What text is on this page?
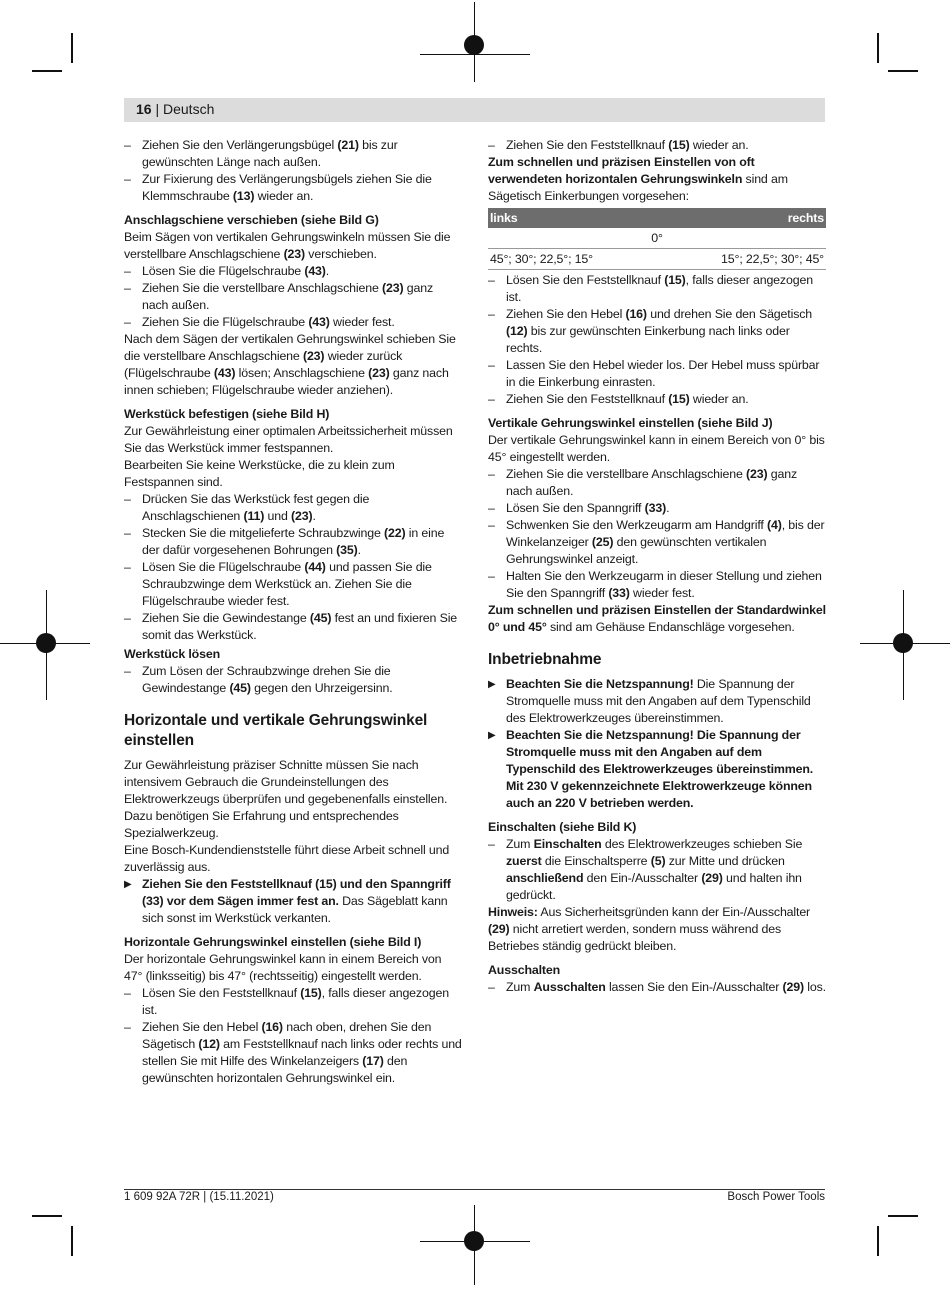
16 | Deutsch

– Ziehen Sie den Verlängerungsbügel (21) bis zur gewünschten Länge nach außen.

– Zur Fixierung des Verlängerungsbügels ziehen Sie die Klemmschraube (13) wieder an.

Anschlagschiene verschieben (siehe Bild G)

Beim Sägen von vertikalen Gehrungswinkeln müssen Sie die verstellbare Anschlagschiene (23) verschieben.

– Lösen Sie die Flügelschraube (43).

– Ziehen Sie die verstellbare Anschlagschiene (23) ganz nach außen.

– Ziehen Sie die Flügelschraube (43) wieder fest.

Nach dem Sägen der vertikalen Gehrungswinkel schieben Sie die verstellbare Anschlagschiene (23) wieder zurück (Flügelschraube (43) lösen; Anschlagschiene (23) ganz nach innen schieben; Flügelschraube wieder anziehen).

Werkstück befestigen (siehe Bild H)

Zur Gewährleistung einer optimalen Arbeitssicherheit müssen Sie das Werkstück immer festspannen.

Bearbeiten Sie keine Werkstücke, die zu klein zum Festspannen sind.

– Drücken Sie das Werkstück fest gegen die Anschlagschienen (11) und (23).

– Stecken Sie die mitgelieferte Schraubzwinge (22) in eine der dafür vorgesehenen Bohrungen (35).

– Lösen Sie die Flügelschraube (44) und passen Sie die Schraubzwinge dem Werkstück an. Ziehen Sie die Flügelschraube wieder fest.

– Ziehen Sie die Gewindestange (45) fest an und fixieren Sie somit das Werkstück.

Werkstück lösen

– Zum Lösen der Schraubzwinge drehen Sie die Gewindestange (45) gegen den Uhrzeigersinn.

Horizontale und vertikale Gehrungswinkel einstellen

Zur Gewährleistung präziser Schnitte müssen Sie nach intensivem Gebrauch die Grundeinstellungen des Elektrowerkzeugs überprüfen und gegebenenfalls einstellen.

Dazu benötigen Sie Erfahrung und entsprechendes Spezialwerkzeug.

Eine Bosch-Kundendienststelle führt diese Arbeit schnell und zuverlässig aus.

▶ Ziehen Sie den Feststellknauf (15) und den Spanngriff (33) vor dem Sägen immer fest an. Das Sägeblatt kann sich sonst im Werkstück verkanten.

Horizontale Gehrungswinkel einstellen (siehe Bild I)

Der horizontale Gehrungswinkel kann in einem Bereich von 47° (linksseitig) bis 47° (rechtsseitig) eingestellt werden.

– Lösen Sie den Feststellknauf (15), falls dieser angezogen ist.

– Ziehen Sie den Hebel (16) nach oben, drehen Sie den Sägetisch (12) am Feststellknauf nach links oder rechts und stellen Sie mit Hilfe des Winkelanzeigers (17) den gewünschten horizontalen Gehrungswinkel ein.

– Ziehen Sie den Feststellknauf (15) wieder an.

Zum schnellen und präzisen Einstellen von oft verwendeten horizontalen Gehrungswinkeln sind am Sägetisch Einkerbungen vorgesehen:

links	rechts
0°	
45°; 30°; 22,5°; 15°	15°; 22,5°; 30°; 45°

– Lösen Sie den Feststellknauf (15), falls dieser angezogen ist.

– Ziehen Sie den Hebel (16) und drehen Sie den Sägetisch (12) bis zur gewünschten Einkerbung nach links oder rechts.

– Lassen Sie den Hebel wieder los. Der Hebel muss spürbar in die Einkerbung einrasten.

– Ziehen Sie den Feststellknauf (15) wieder an.

Vertikale Gehrungswinkel einstellen (siehe Bild J)

Der vertikale Gehrungswinkel kann in einem Bereich von 0° bis 45° eingestellt werden.

– Ziehen Sie die verstellbare Anschlagschiene (23) ganz nach außen.

– Lösen Sie den Spanngriff (33).

– Schwenken Sie den Werkzeugarm am Handgriff (4), bis der Winkelanzeiger (25) den gewünschten vertikalen Gehrungswinkel anzeigt.

– Halten Sie den Werkzeugarm in dieser Stellung und ziehen Sie den Spanngriff (33) wieder fest.

Zum schnellen und präzisen Einstellen der Standardwinkel 0° und 45° sind am Gehäuse Endanschläge vorgesehen.

Inbetriebnahme

▶ Beachten Sie die Netzspannung! Die Spannung der Stromquelle muss mit den Angaben auf dem Typenschild des Elektrowerkzeuges übereinstimmen.

▶ Beachten Sie die Netzspannung! Die Spannung der Stromquelle muss mit den Angaben auf dem Typenschild des Elektrowerkzeuges übereinstimmen. Mit 230 V gekennzeichnete Elektrowerkzeuge können auch an 220 V betrieben werden.

Einschalten (siehe Bild K)

– Zum Einschalten des Elektrowerkzeuges schieben Sie zuerst die Einschaltsperre (5) zur Mitte und drücken anschließend den Ein-/Ausschalter (29) und halten ihn gedrückt.

Hinweis: Aus Sicherheitsgründen kann der Ein-/Ausschalter (29) nicht arretiert werden, sondern muss während des Betriebes ständig gedrückt bleiben.

Ausschalten

– Zum Ausschalten lassen Sie den Ein-/Ausschalter (29) los.

1 609 92A 72R | (15.11.2021)	Bosch Power Tools
